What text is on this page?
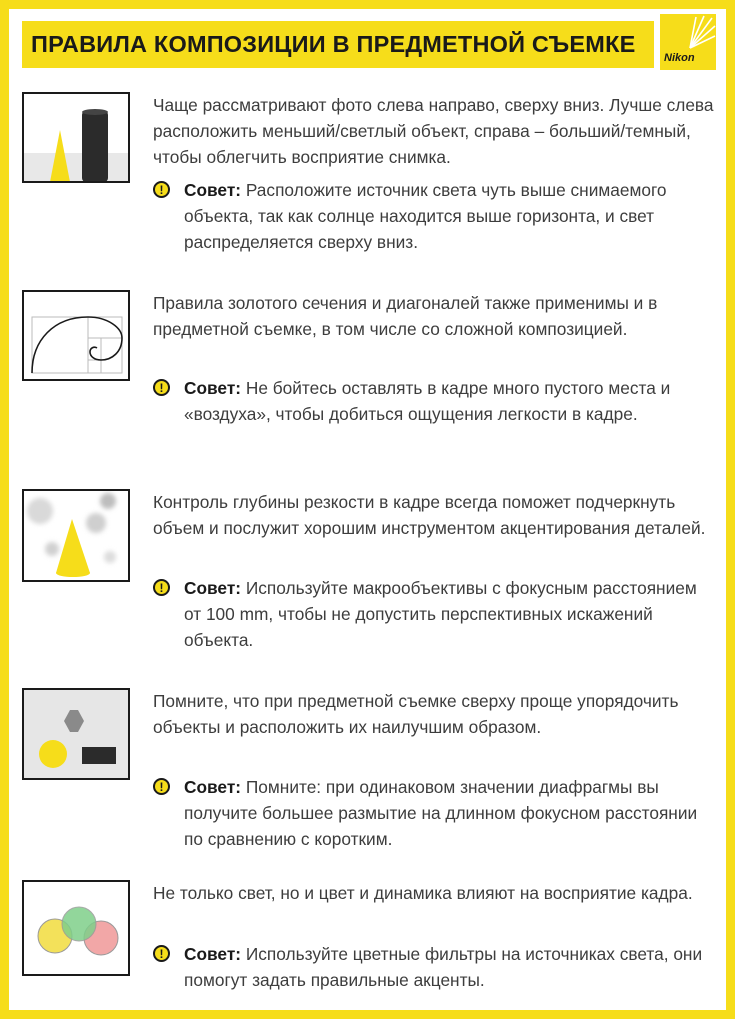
ПРАВИЛА КОМПОЗИЦИИ В ПРЕДМЕТНОЙ СЪЕМКЕ
Nikon
Чаще рассматривают фото слева направо, сверху вниз. Лучше слева расположить меньший/светлый объект, справа – больший/темный, чтобы облегчить восприятие снимка.
!	Совет: Расположите источник света чуть выше снимаемого объекта, так как солнце находится выше горизонта, и свет распределяется сверху вниз.
Правила золотого сечения и диагоналей также применимы и в предметной съемке, в том числе со сложной композицией.
!	Совет: Не бойтесь оставлять в кадре много пустого места и «воздуха», чтобы добиться ощущения легкости в кадре.
Контроль глубины резкости в кадре всегда поможет подчеркнуть объем и послужит хорошим инструментом акцентирования деталей.
!	Совет: Используйте макрообъективы с фокусным расстоянием от 100 mm, чтобы не допустить перспективных искажений объекта.
Помните, что при предметной съемке сверху проще упорядочить объекты и расположить их наилучшим образом.
!	Совет: Помните: при одинаковом значении диафрагмы вы получите большее размытие на длинном фокусном расстоянии по сравнению с коротким.
Не только свет, но и цвет и динамика влияют на восприятие кадра.
!	Совет: Используйте цветные фильтры на источниках света, они помогут задать правильные акценты.
